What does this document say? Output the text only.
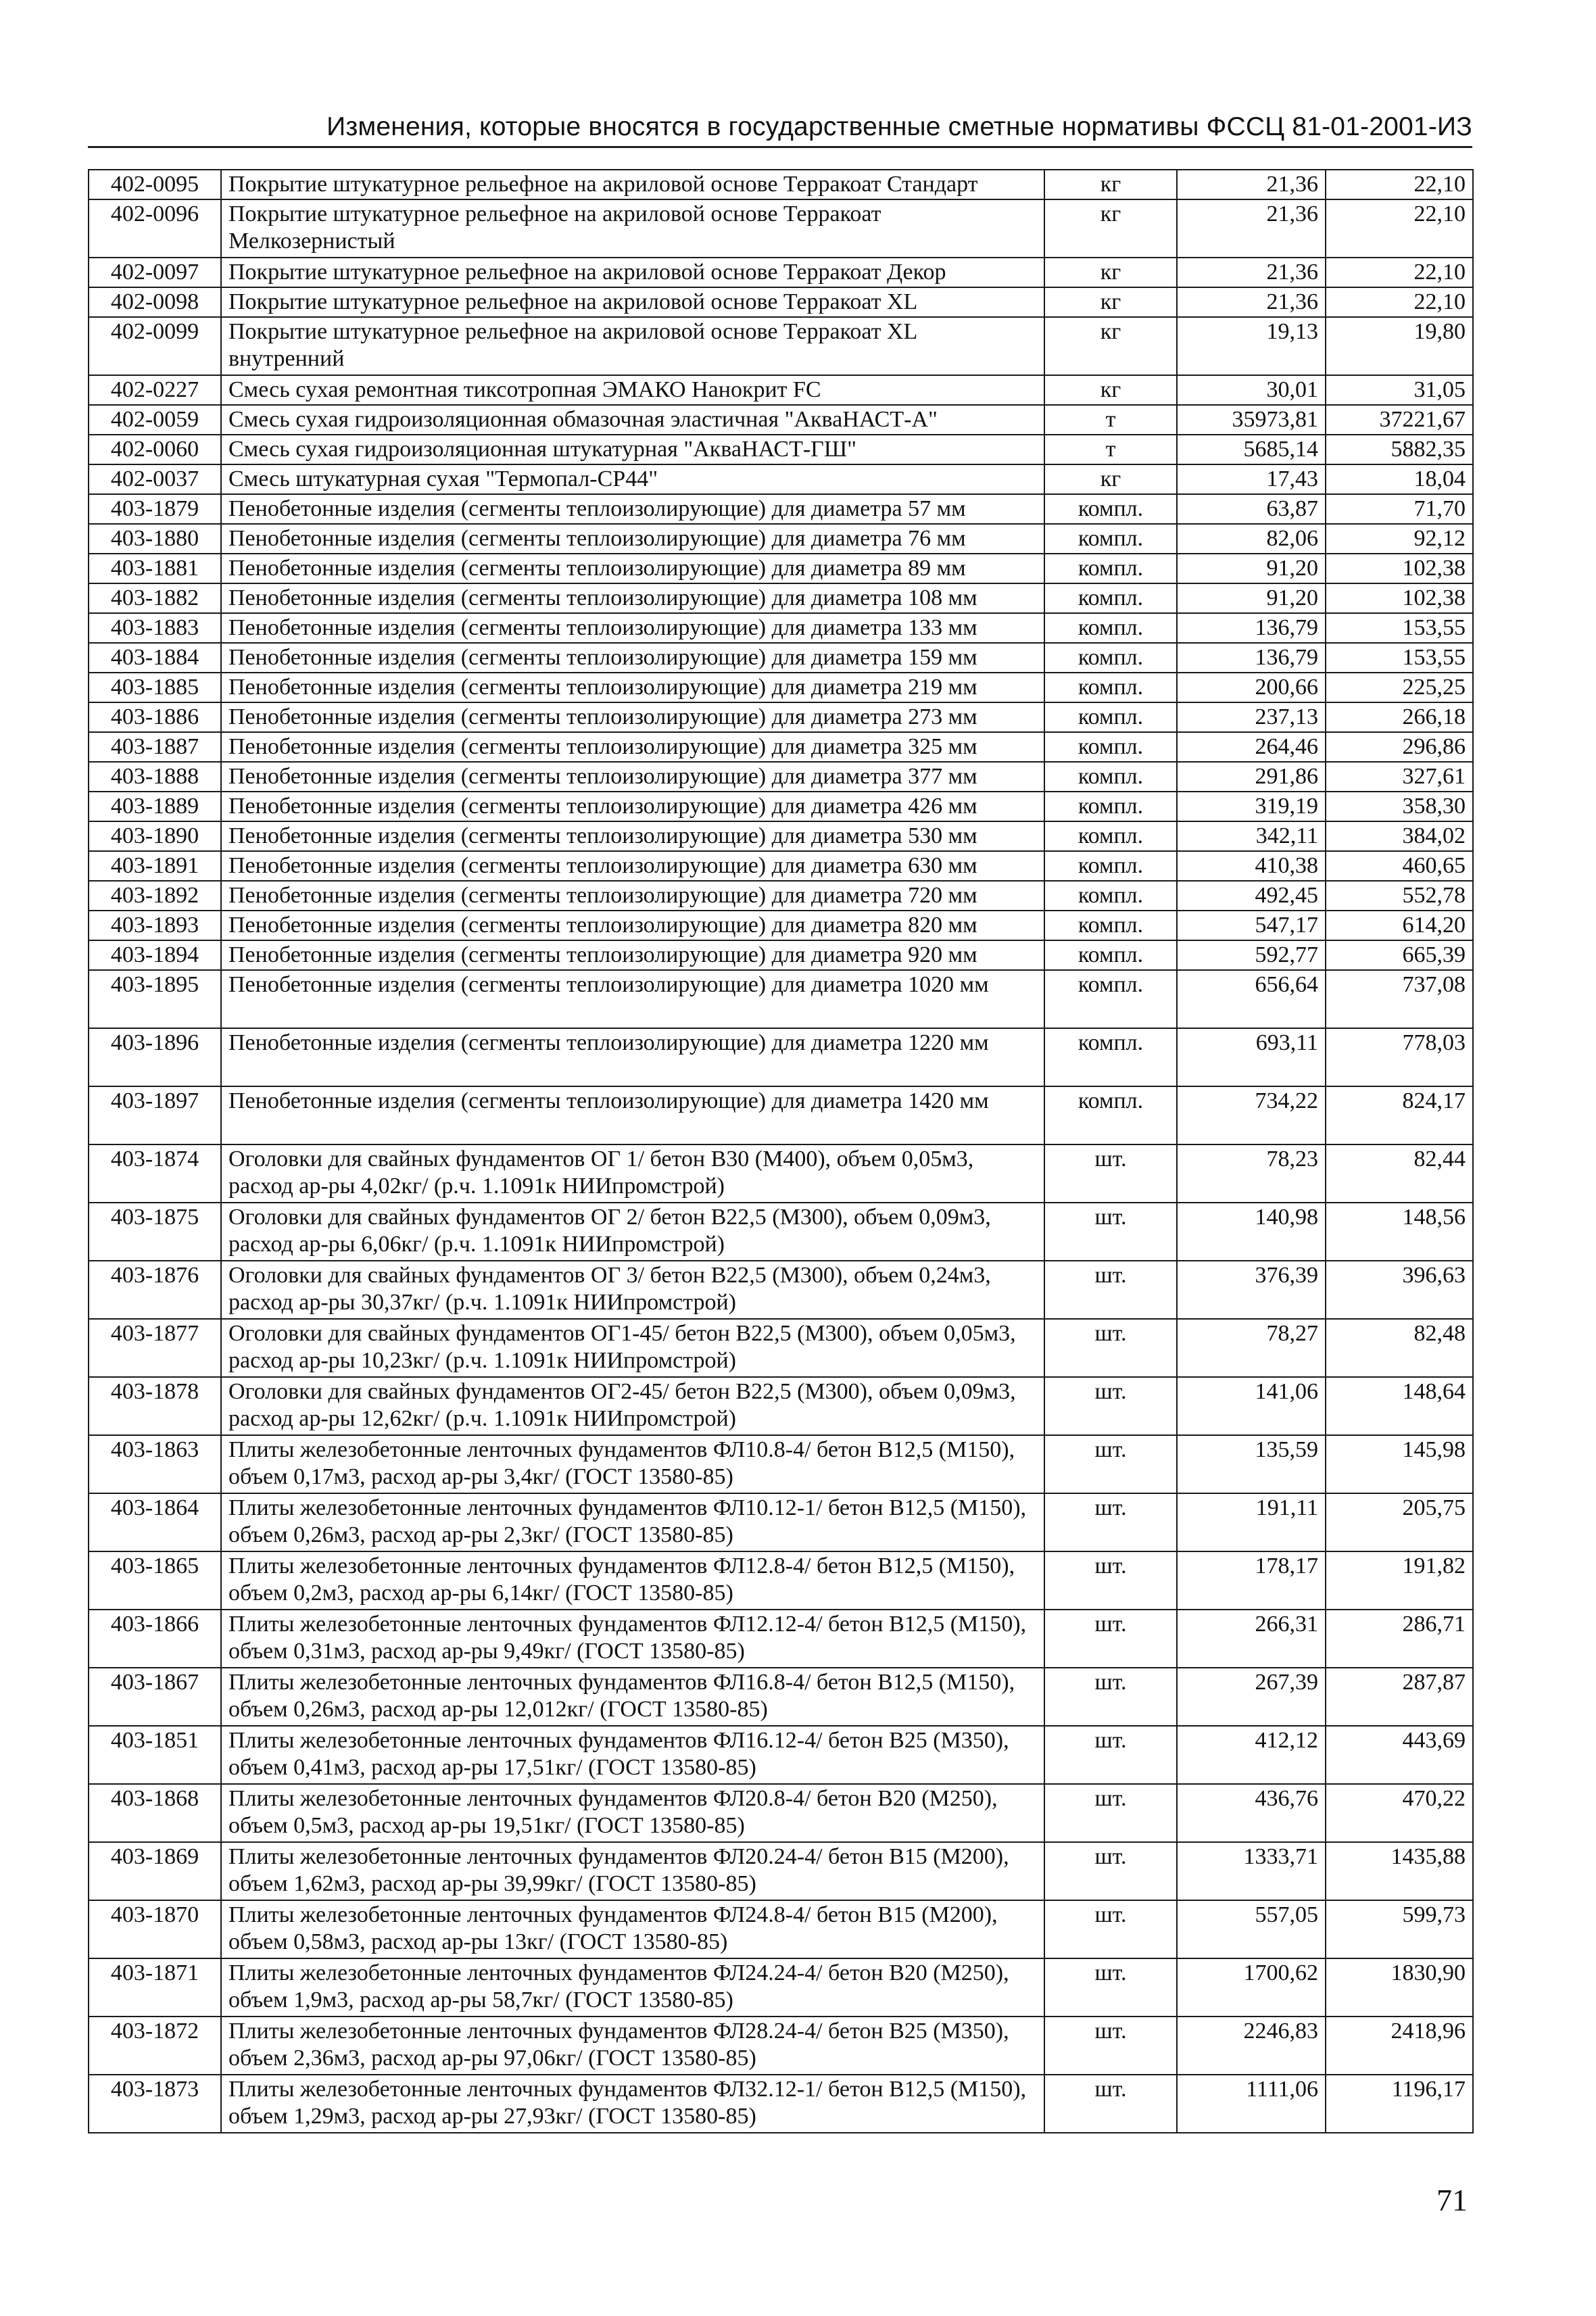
Изменения, которые вносятся в государственные сметные нормативы ФССЦ 81-01-2001-ИЗ
402-0095	Покрытие штукатурное рельефное на акриловой основе Терракоат Стандарт	кг	21,36	22,10
402-0096	Покрытие штукатурное рельефное на акриловой основе Терракоат Мелкозернистый	кг	21,36	22,10
402-0097	Покрытие штукатурное рельефное на акриловой основе Терракоат Декор	кг	21,36	22,10
402-0098	Покрытие штукатурное рельефное на акриловой основе Терракоат XL	кг	21,36	22,10
402-0099	Покрытие штукатурное рельефное на акриловой основе Терракоат XL внутренний	кг	19,13	19,80
402-0227	Смесь сухая ремонтная тиксотропная ЭМАКО Нанокрит FC	кг	30,01	31,05
402-0059	Смесь сухая гидроизоляционная обмазочная эластичная "АкваНАСТ-А"	т	35973,81	37221,67
402-0060	Смесь сухая гидроизоляционная штукатурная "АкваНАСТ-ГШ"	т	5685,14	5882,35
402-0037	Смесь штукатурная сухая "Термопал-СР44"	кг	17,43	18,04
403-1879	Пенобетонные изделия (сегменты теплоизолирующие) для диаметра 57 мм	компл.	63,87	71,70
403-1880	Пенобетонные изделия (сегменты теплоизолирующие) для диаметра 76 мм	компл.	82,06	92,12
403-1881	Пенобетонные изделия (сегменты теплоизолирующие) для диаметра 89 мм	компл.	91,20	102,38
403-1882	Пенобетонные изделия (сегменты теплоизолирующие) для диаметра 108 мм	компл.	91,20	102,38
403-1883	Пенобетонные изделия (сегменты теплоизолирующие) для диаметра 133 мм	компл.	136,79	153,55
403-1884	Пенобетонные изделия (сегменты теплоизолирующие) для диаметра 159 мм	компл.	136,79	153,55
403-1885	Пенобетонные изделия (сегменты теплоизолирующие) для диаметра 219 мм	компл.	200,66	225,25
403-1886	Пенобетонные изделия (сегменты теплоизолирующие) для диаметра 273 мм	компл.	237,13	266,18
403-1887	Пенобетонные изделия (сегменты теплоизолирующие) для диаметра 325 мм	компл.	264,46	296,86
403-1888	Пенобетонные изделия (сегменты теплоизолирующие) для диаметра 377 мм	компл.	291,86	327,61
403-1889	Пенобетонные изделия (сегменты теплоизолирующие) для диаметра 426 мм	компл.	319,19	358,30
403-1890	Пенобетонные изделия (сегменты теплоизолирующие) для диаметра 530 мм	компл.	342,11	384,02
403-1891	Пенобетонные изделия (сегменты теплоизолирующие) для диаметра 630 мм	компл.	410,38	460,65
403-1892	Пенобетонные изделия (сегменты теплоизолирующие) для диаметра 720 мм	компл.	492,45	552,78
403-1893	Пенобетонные изделия (сегменты теплоизолирующие) для диаметра 820 мм	компл.	547,17	614,20
403-1894	Пенобетонные изделия (сегменты теплоизолирующие) для диаметра 920 мм	компл.	592,77	665,39
403-1895	Пенобетонные изделия (сегменты теплоизолирующие) для диаметра 1020 мм	компл.	656,64	737,08
403-1896	Пенобетонные изделия (сегменты теплоизолирующие) для диаметра 1220 мм	компл.	693,11	778,03
403-1897	Пенобетонные изделия (сегменты теплоизолирующие) для диаметра 1420 мм	компл.	734,22	824,17
403-1874	Оголовки для свайных фундаментов ОГ 1/ бетон В30 (М400), объем 0,05м3, расход ар-ры 4,02кг/ (р.ч. 1.1091к НИИпромстрой)	шт.	78,23	82,44
403-1875	Оголовки для свайных фундаментов ОГ 2/ бетон В22,5 (М300), объем 0,09м3, расход ар-ры 6,06кг/ (р.ч. 1.1091к НИИпромстрой)	шт.	140,98	148,56
403-1876	Оголовки для свайных фундаментов ОГ 3/ бетон В22,5 (М300), объем 0,24м3, расход ар-ры 30,37кг/ (р.ч. 1.1091к НИИпромстрой)	шт.	376,39	396,63
403-1877	Оголовки для свайных фундаментов ОГ1-45/ бетон В22,5 (М300), объем 0,05м3, расход ар-ры 10,23кг/ (р.ч. 1.1091к НИИпромстрой)	шт.	78,27	82,48
403-1878	Оголовки для свайных фундаментов ОГ2-45/ бетон В22,5 (М300), объем 0,09м3, расход ар-ры 12,62кг/ (р.ч. 1.1091к НИИпромстрой)	шт.	141,06	148,64
403-1863	Плиты железобетонные ленточных фундаментов ФЛ10.8-4/ бетон В12,5 (М150), объем 0,17м3, расход ар-ры 3,4кг/ (ГОСТ 13580-85)	шт.	135,59	145,98
403-1864	Плиты железобетонные ленточных фундаментов ФЛ10.12-1/ бетон В12,5 (М150), объем 0,26м3, расход ар-ры 2,3кг/ (ГОСТ 13580-85)	шт.	191,11	205,75
403-1865	Плиты железобетонные ленточных фундаментов ФЛ12.8-4/ бетон В12,5 (М150), объем 0,2м3, расход ар-ры 6,14кг/ (ГОСТ 13580-85)	шт.	178,17	191,82
403-1866	Плиты железобетонные ленточных фундаментов ФЛ12.12-4/ бетон В12,5 (М150), объем 0,31м3, расход ар-ры 9,49кг/ (ГОСТ 13580-85)	шт.	266,31	286,71
403-1867	Плиты железобетонные ленточных фундаментов ФЛ16.8-4/ бетон В12,5 (М150), объем 0,26м3, расход ар-ры 12,012кг/ (ГОСТ 13580-85)	шт.	267,39	287,87
403-1851	Плиты железобетонные ленточных фундаментов ФЛ16.12-4/ бетон В25 (М350), объем 0,41м3, расход ар-ры 17,51кг/ (ГОСТ 13580-85)	шт.	412,12	443,69
403-1868	Плиты железобетонные ленточных фундаментов ФЛ20.8-4/ бетон В20 (М250), объем 0,5м3, расход ар-ры 19,51кг/ (ГОСТ 13580-85)	шт.	436,76	470,22
403-1869	Плиты железобетонные ленточных фундаментов ФЛ20.24-4/ бетон В15 (М200), объем 1,62м3, расход ар-ры 39,99кг/ (ГОСТ 13580-85)	шт.	1333,71	1435,88
403-1870	Плиты железобетонные ленточных фундаментов ФЛ24.8-4/ бетон В15 (М200), объем 0,58м3, расход ар-ры 13кг/ (ГОСТ 13580-85)	шт.	557,05	599,73
403-1871	Плиты железобетонные ленточных фундаментов ФЛ24.24-4/ бетон В20 (М250), объем 1,9м3, расход ар-ры 58,7кг/ (ГОСТ 13580-85)	шт.	1700,62	1830,90
403-1872	Плиты железобетонные ленточных фундаментов ФЛ28.24-4/ бетон В25 (М350), объем 2,36м3, расход ар-ры 97,06кг/ (ГОСТ 13580-85)	шт.	2246,83	2418,96
403-1873	Плиты железобетонные ленточных фундаментов ФЛ32.12-1/ бетон В12,5 (М150), объем 1,29м3, расход ар-ры 27,93кг/ (ГОСТ 13580-85)	шт.	1111,06	1196,17
71
